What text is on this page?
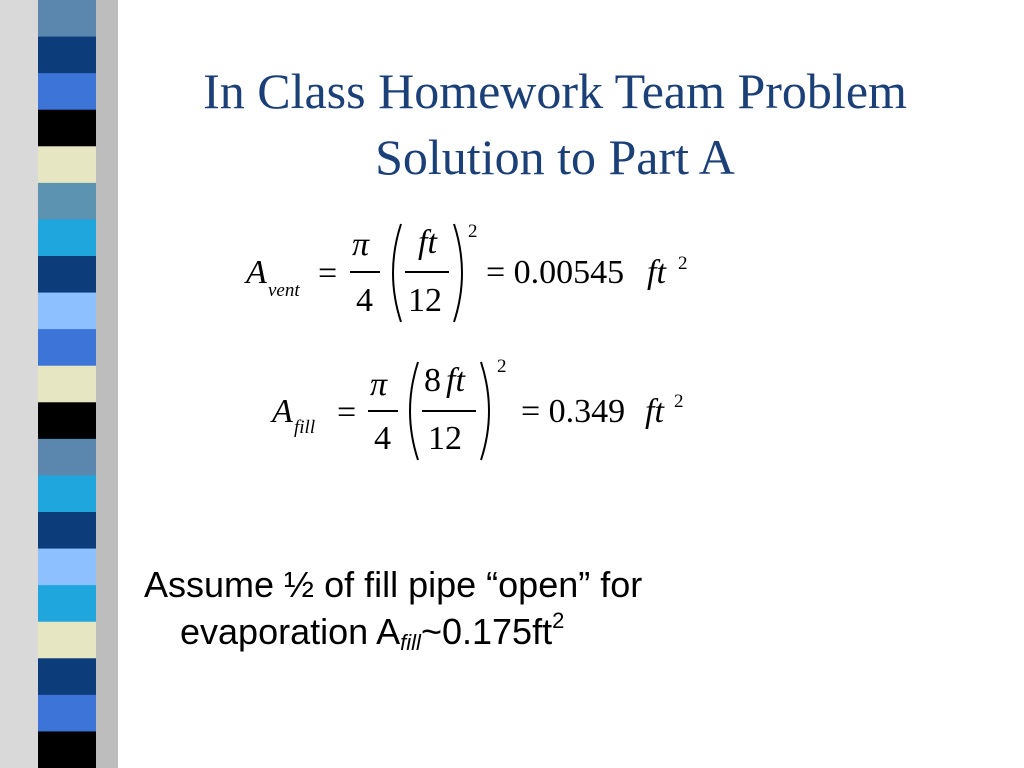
In Class Homework Team Problem
Solution to Part A
A vent =
π
4
ft
12
2
= 0.00545 ft 2
A fill =
π
4
8 ft
12
2
= 0.349 ft 2
Assume ½ of fill pipe “open” for
evaporation $A_{fill}\sim 0.175ft^2$
